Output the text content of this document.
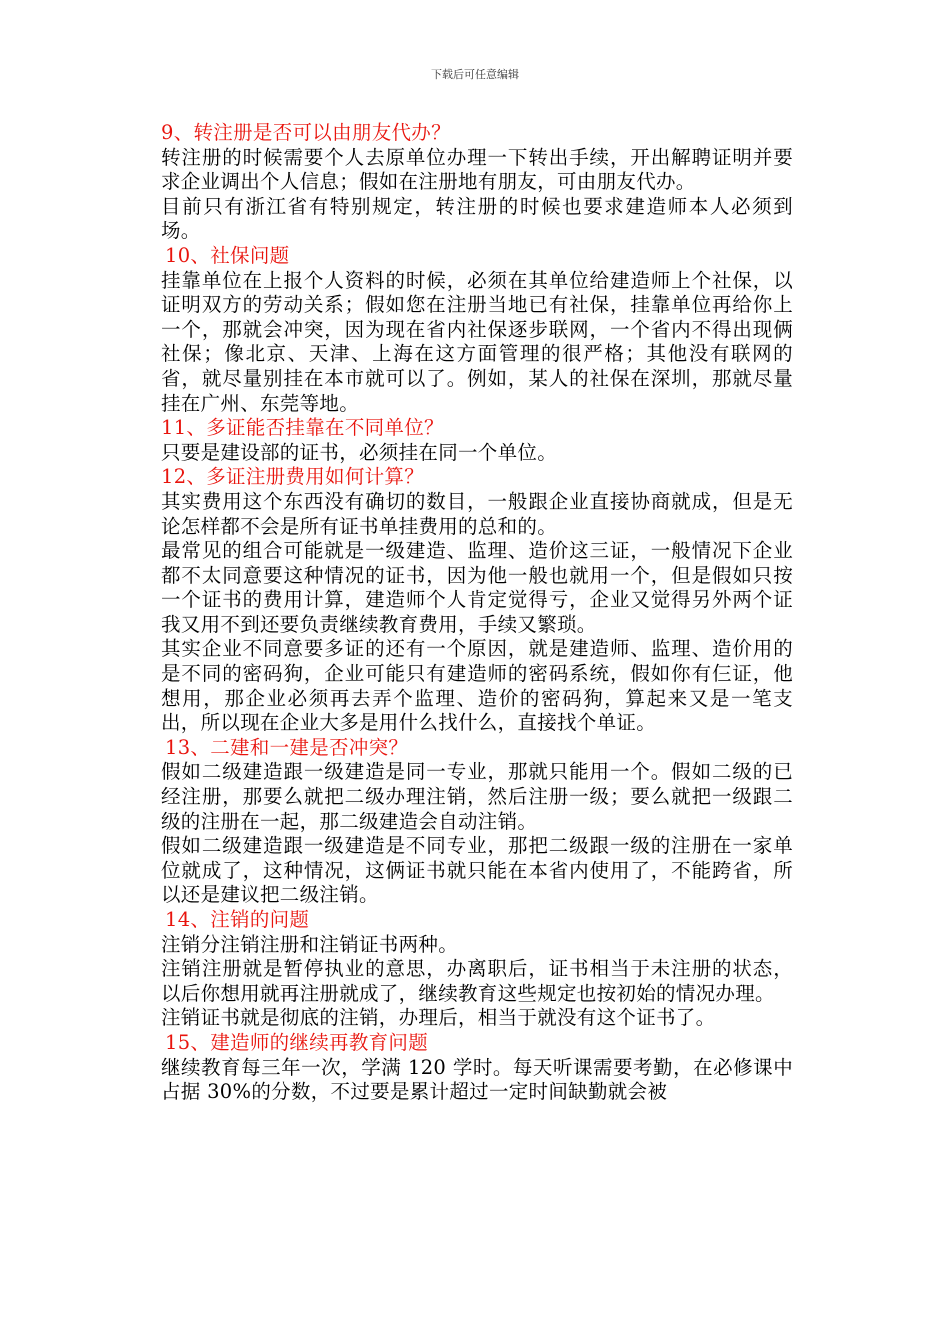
下载后可任意编辑
9、转注册是否可以由朋友代办？

转注册的时候需要个人去原单位办理一下转出手续，开出解聘证明并要求企业调出个人信息；假如在注册地有朋友，可由朋友代办。

目前只有浙江省有特别规定，转注册的时候也要求建造师本人必须到场。

10、社保问题

挂靠单位在上报个人资料的时候，必须在其单位给建造师上个社保，以证明双方的劳动关系；假如您在注册当地已有社保，挂靠单位再给你上一个，那就会冲突，因为现在省内社保逐步联网，一个省内不得出现俩社保；像北京、天津、上海在这方面管理的很严格；其他没有联网的省，就尽量别挂在本市就可以了。例如，某人的社保在深圳，那就尽量挂在广州、东莞等地。

11、多证能否挂靠在不同单位？

只要是建设部的证书，必须挂在同一个单位。

12、多证注册费用如何计算？

其实费用这个东西没有确切的数目，一般跟企业直接协商就成，但是无论怎样都不会是所有证书单挂费用的总和的。

最常见的组合可能就是一级建造、监理、造价这三证，一般情况下企业都不太同意要这种情况的证书，因为他一般也就用一个，但是假如只按一个证书的费用计算，建造师个人肯定觉得亏，企业又觉得另外两个证我又用不到还要负责继续教育费用，手续又繁琐。

其实企业不同意要多证的还有一个原因，就是建造师、监理、造价用的是不同的密码狗，企业可能只有建造师的密码系统，假如你有仨证，他想用，那企业必须再去弄个监理、造价的密码狗，算起来又是一笔支出，所以现在企业大多是用什么找什么，直接找个单证。

13、二建和一建是否冲突？

假如二级建造跟一级建造是同一专业，那就只能用一个。假如二级的已经注册，那要么就把二级办理注销，然后注册一级；要么就把一级跟二级的注册在一起，那二级建造会自动注销。

假如二级建造跟一级建造是不同专业，那把二级跟一级的注册在一家单位就成了，这种情况，这俩证书就只能在本省内使用了，不能跨省，所以还是建议把二级注销。

14、注销的问题

注销分注销注册和注销证书两种。

注销注册就是暂停执业的意思，办离职后，证书相当于未注册的状态，以后你想用就再注册就成了，继续教育这些规定也按初始的情况办理。

注销证书就是彻底的注销，办理后，相当于就没有这个证书了。

15、建造师的继续再教育问题

继续教育每三年一次，学满 120 学时。每天听课需要考勤，在必修课中占据 30%的分数，不过要是累计超过一定时间缺勤就会被
